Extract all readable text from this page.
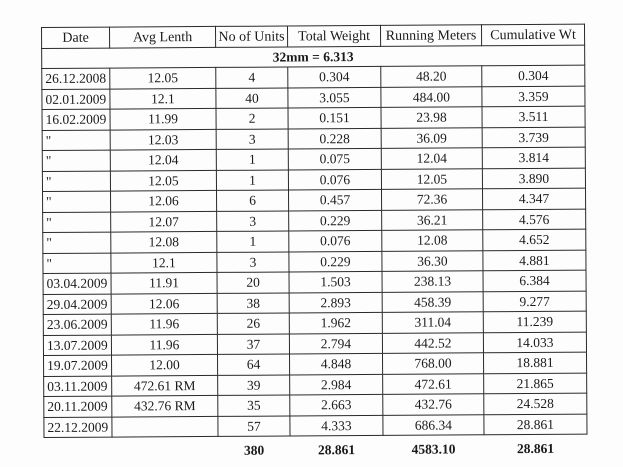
Date	Avg Lenth	No of Units	Total Weight	Running Meters	Cumulative Wt
32mm = 6.313					
26.12.2008	12.05	4	0.304	48.20	0.304
02.01.2009	12.1	40	3.055	484.00	3.359
16.02.2009	11.99	2	0.151	23.98	3.511
"	12.03	3	0.228	36.09	3.739
"	12.04	1	0.075	12.04	3.814
"	12.05	1	0.076	12.05	3.890
"	12.06	6	0.457	72.36	4.347
"	12.07	3	0.229	36.21	4.576
"	12.08	1	0.076	12.08	4.652
"	12.1	3	0.229	36.30	4.881
03.04.2009	11.91	20	1.503	238.13	6.384
29.04.2009	12.06	38	2.893	458.39	9.277
23.06.2009	11.96	26	1.962	311.04	11.239
13.07.2009	11.96	37	2.794	442.52	14.033
19.07.2009	12.00	64	4.848	768.00	18.881
03.11.2009	472.61 RM	39	2.984	472.61	21.865
20.11.2009	432.76 RM	35	2.663	432.76	24.528
22.12.2009		57	4.333	686.34	28.861
		380	28.861	4583.10	28.861
